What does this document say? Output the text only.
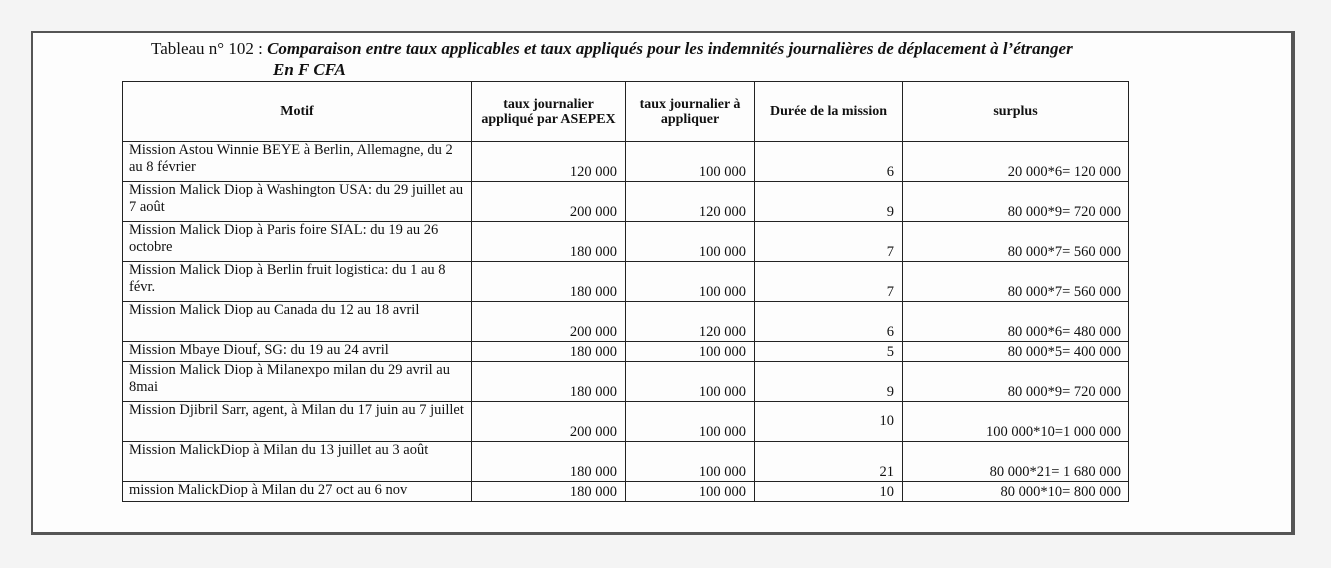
Tableau n° 102 : Comparaison entre taux applicables et taux appliqués pour les indemnités journalières de déplacement à l’étranger
En F CFA
Motif	taux journalier appliqué par ASEPEX	taux journalier à appliquer	Durée de la mission	surplus
Mission Astou Winnie BEYE à Berlin, Allemagne, du 2 au 8 février	120 000	100 000	6	20 000*6= 120 000
Mission Malick Diop à Washington USA: du 29 juillet au 7 août	200 000	120 000	9	80 000*9= 720 000
Mission Malick Diop à Paris foire SIAL: du 19 au 26 octobre	180 000	100 000	7	80 000*7= 560 000
Mission Malick Diop à Berlin fruit logistica: du 1 au 8 févr.	180 000	100 000	7	80 000*7= 560 000
Mission Malick Diop au Canada du 12 au 18 avril	200 000	120 000	6	80 000*6= 480 000
Mission Mbaye Diouf, SG: du 19 au 24 avril	180 000	100 000	5	80 000*5= 400 000
Mission Malick Diop à Milanexpo milan du 29 avril au 8mai	180 000	100 000	9	80 000*9= 720 000
Mission Djibril Sarr, agent, à Milan du 17 juin au 7 juillet	200 000	100 000	10	100 000*10=1 000 000
Mission MalickDiop à Milan du 13 juillet au 3 août	180 000	100 000	21	80 000*21= 1 680 000
mission MalickDiop à Milan du 27 oct au 6 nov	180 000	100 000	10	80 000*10= 800 000
